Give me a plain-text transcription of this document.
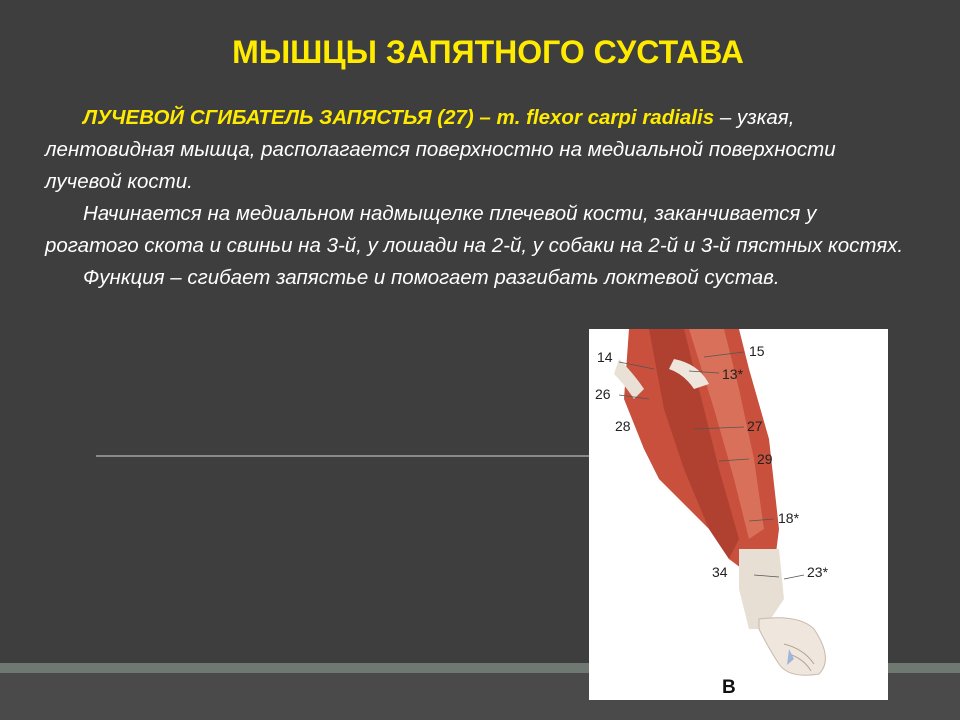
МЫШЦЫ ЗАПЯТНОГО СУСТАВА

ЛУЧЕВОЙ СГИБАТЕЛЬ ЗАПЯСТЬЯ (27) – m. flexor carpi radialis – узкая, лентовидная мышца, располагается поверхностно на медиальной поверхности лучевой кости.

Начинается на медиальном надмыщелке плечевой кости, заканчивается у рогатого скота и свиньи на 3-й, у лошади на 2-й, у собаки на 2-й и 3-й пястных костях.

Функция – сгибает запястье и помогает разгибать локтевой сустав.

14	15
13*
26
27
28
29
18*
34	23*
B
